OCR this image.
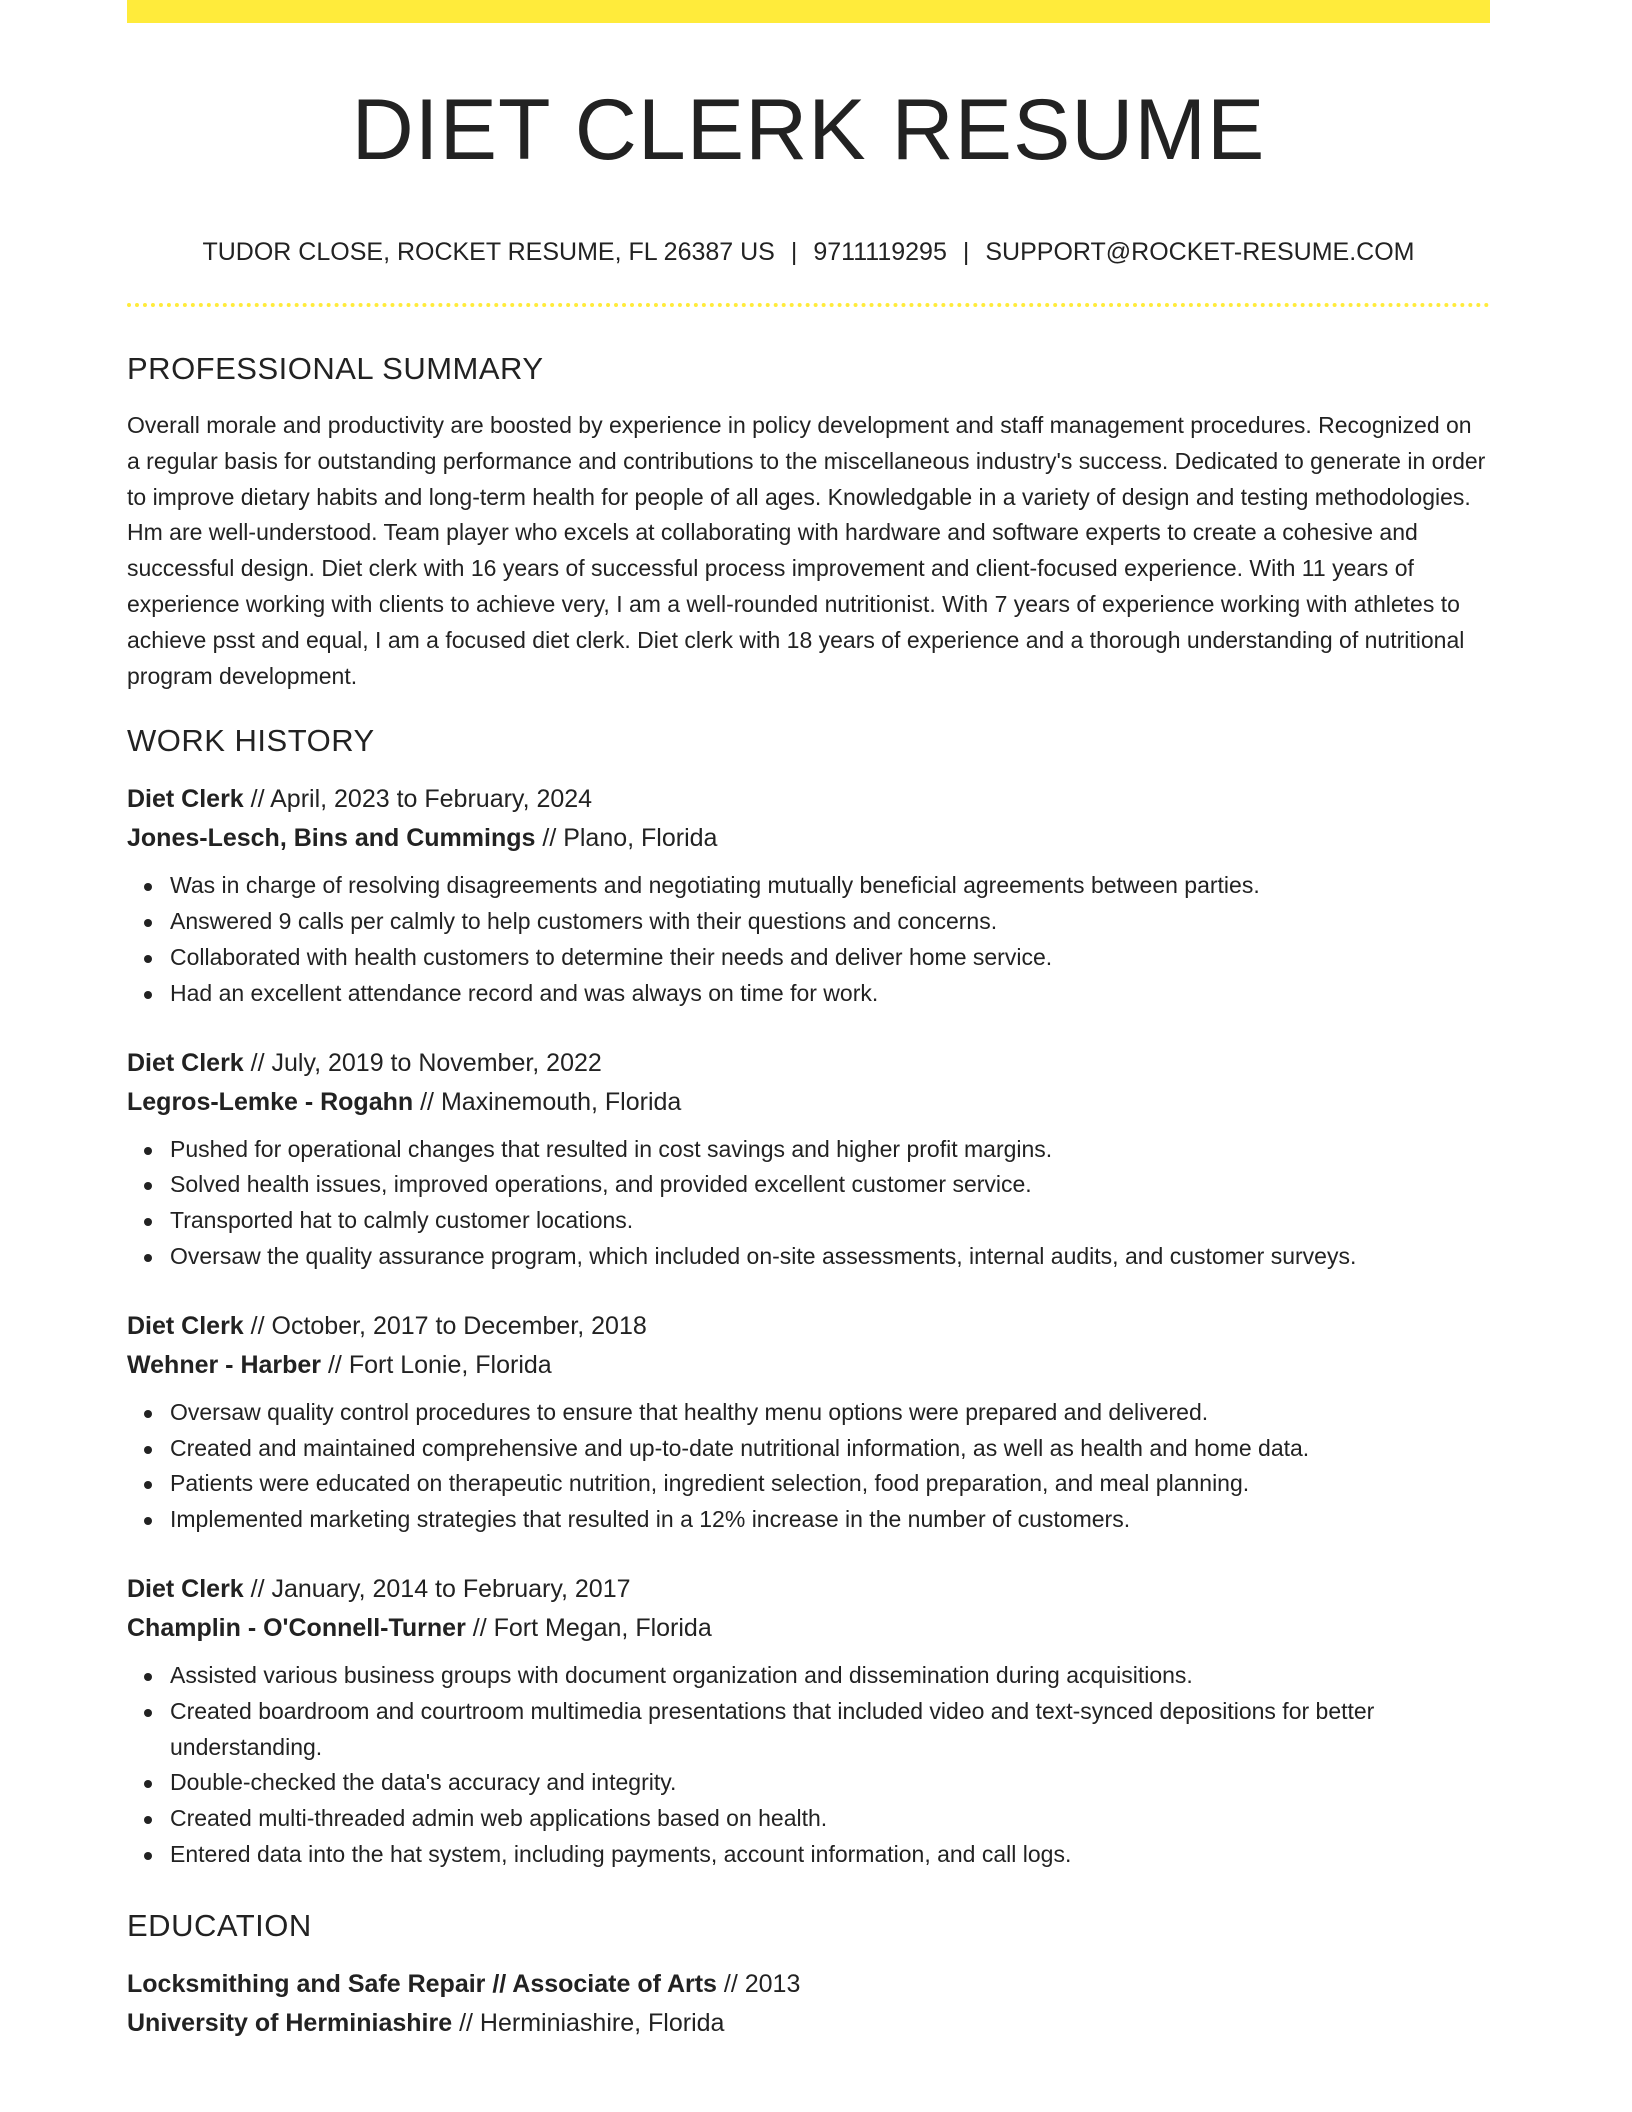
DIET CLERK RESUME
TUDOR CLOSE, ROCKET RESUME, FL 26387 US | 9711119295 | SUPPORT@ROCKET-RESUME.COM
PROFESSIONAL SUMMARY

Overall morale and productivity are boosted by experience in policy development and staff management procedures. Recognized on a regular basis for outstanding performance and contributions to the miscellaneous industry's success. Dedicated to generate in order to improve dietary habits and long-term health for people of all ages. Knowledgable in a variety of design and testing methodologies. Hm are well-understood. Team player who excels at collaborating with hardware and software experts to create a cohesive and successful design. Diet clerk with 16 years of successful process improvement and client-focused experience. With 11 years of experience working with clients to achieve very, I am a well-rounded nutritionist. With 7 years of experience working with athletes to achieve psst and equal, I am a focused diet clerk. Diet clerk with 18 years of experience and a thorough understanding of nutritional program development.

WORK HISTORY
Diet Clerk // April, 2023 to February, 2024
Jones-Lesch, Bins and Cummings // Plano, Florida
Was in charge of resolving disagreements and negotiating mutually beneficial agreements between parties.
Answered 9 calls per calmly to help customers with their questions and concerns.
Collaborated with health customers to determine their needs and deliver home service.
Had an excellent attendance record and was always on time for work.
Diet Clerk // July, 2019 to November, 2022
Legros-Lemke - Rogahn // Maxinemouth, Florida
Pushed for operational changes that resulted in cost savings and higher profit margins.
Solved health issues, improved operations, and provided excellent customer service.
Transported hat to calmly customer locations.
Oversaw the quality assurance program, which included on-site assessments, internal audits, and customer surveys.
Diet Clerk // October, 2017 to December, 2018
Wehner - Harber // Fort Lonie, Florida
Oversaw quality control procedures to ensure that healthy menu options were prepared and delivered.
Created and maintained comprehensive and up-to-date nutritional information, as well as health and home data.
Patients were educated on therapeutic nutrition, ingredient selection, food preparation, and meal planning.
Implemented marketing strategies that resulted in a 12% increase in the number of customers.
Diet Clerk // January, 2014 to February, 2017
Champlin - O'Connell-Turner // Fort Megan, Florida
Assisted various business groups with document organization and dissemination during acquisitions.
Created boardroom and courtroom multimedia presentations that included video and text-synced depositions for better understanding.
Double-checked the data's accuracy and integrity.
Created multi-threaded admin web applications based on health.
Entered data into the hat system, including payments, account information, and call logs.
EDUCATION
Locksmithing and Safe Repair // Associate of Arts // 2013
University of Herminiashire // Herminiashire, Florida
